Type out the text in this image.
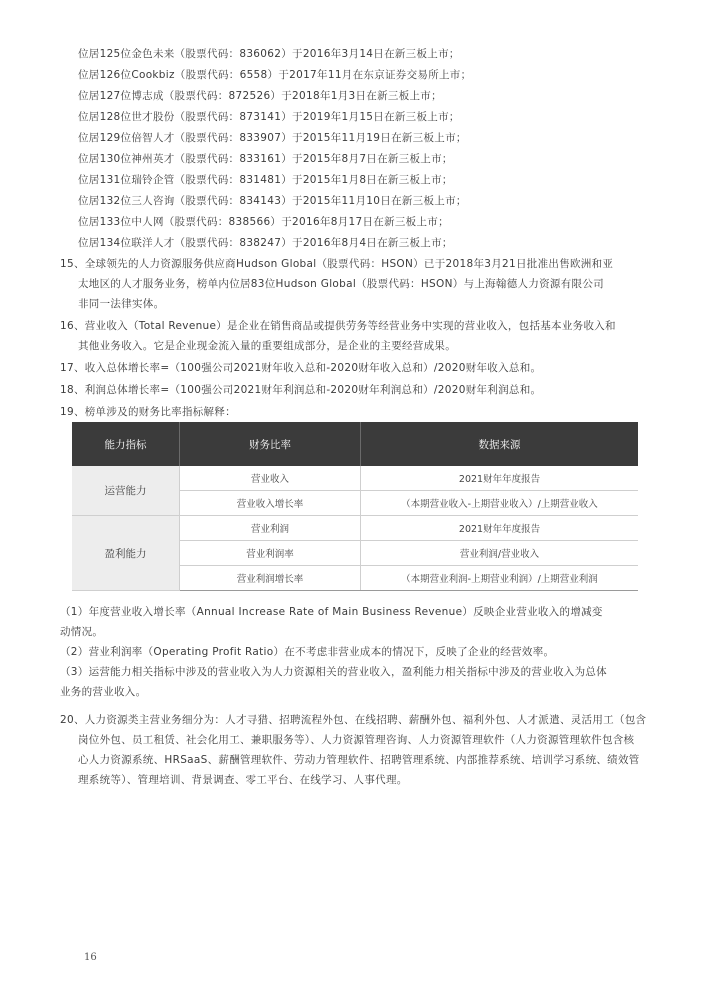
位居125位金色未来（股票代码：836062）于2016年3月14日在新三板上市；
位居126位Cookbiz（股票代码：6558）于2017年11月在东京证券交易所上市；
位居127位博志成（股票代码：872526）于2018年1月3日在新三板上市；
位居128位世才股份（股票代码：873141）于2019年1月15日在新三板上市；
位居129位倍智人才（股票代码：833907）于2015年11月19日在新三板上市；
位居130位神州英才（股票代码：833161）于2015年8月7日在新三板上市；
位居131位瑞铃企管（股票代码：831481）于2015年1月8日在新三板上市；
位居132位三人咨询（股票代码：834143）于2015年11月10日在新三板上市；
位居133位中人网（股票代码：838566）于2016年8月17日在新三板上市；
位居134位联洋人才（股票代码：838247）于2016年8月4日在新三板上市；
15、全球领先的人力资源服务供应商Hudson Global（股票代码：HSON）已于2018年3月21日批准出售欧洲和亚
太地区的人才服务业务，榜单内位居83位Hudson Global（股票代码：HSON）与上海翰德人力资源有限公司
非同一法律实体。
16、营业收入（Total Revenue）是企业在销售商品或提供劳务等经营业务中实现的营业收入，包括基本业务收入和
其他业务收入。它是企业现金流入量的重要组成部分，是企业的主要经营成果。
17、收入总体增长率=（100强公司2021财年收入总和-2020财年收入总和）/2020财年收入总和。
18、利润总体增长率=（100强公司2021财年利润总和-2020财年利润总和）/2020财年利润总和。
19、榜单涉及的财务比率指标解释：
能力指标	财务比率	数据来源
运营能力	营业收入	2021财年年度报告
	营业收入增长率	（本期营业收入-上期营业收入）/上期营业收入
盈利能力	营业利润	2021财年年度报告
	营业利润率	营业利润/营业收入
	营业利润增长率	（本期营业利润-上期营业利润）/上期营业利润
（1）年度营业收入增长率（Annual Increase Rate of Main Business Revenue）反映企业营业收入的增减变
动情况。
（2）营业利润率（Operating Profit Ratio）在不考虑非营业成本的情况下，反映了企业的经营效率。
（3）运营能力相关指标中涉及的营业收入为人力资源相关的营业收入，盈利能力相关指标中涉及的营业收入为总体
业务的营业收入。
20、人力资源类主营业务细分为：人才寻猎、招聘流程外包、在线招聘、薪酬外包、福利外包、人才派遣、灵活用工（包含
岗位外包、员工租赁、社会化用工、兼职服务等）、人力资源管理咨询、人力资源管理软件（人力资源管理软件包含核
心人力资源系统、HRSaaS、薪酬管理软件、劳动力管理软件、招聘管理系统、内部推荐系统、培训学习系统、绩效管
理系统等）、管理培训、背景调查、零工平台、在线学习、人事代理。
16
